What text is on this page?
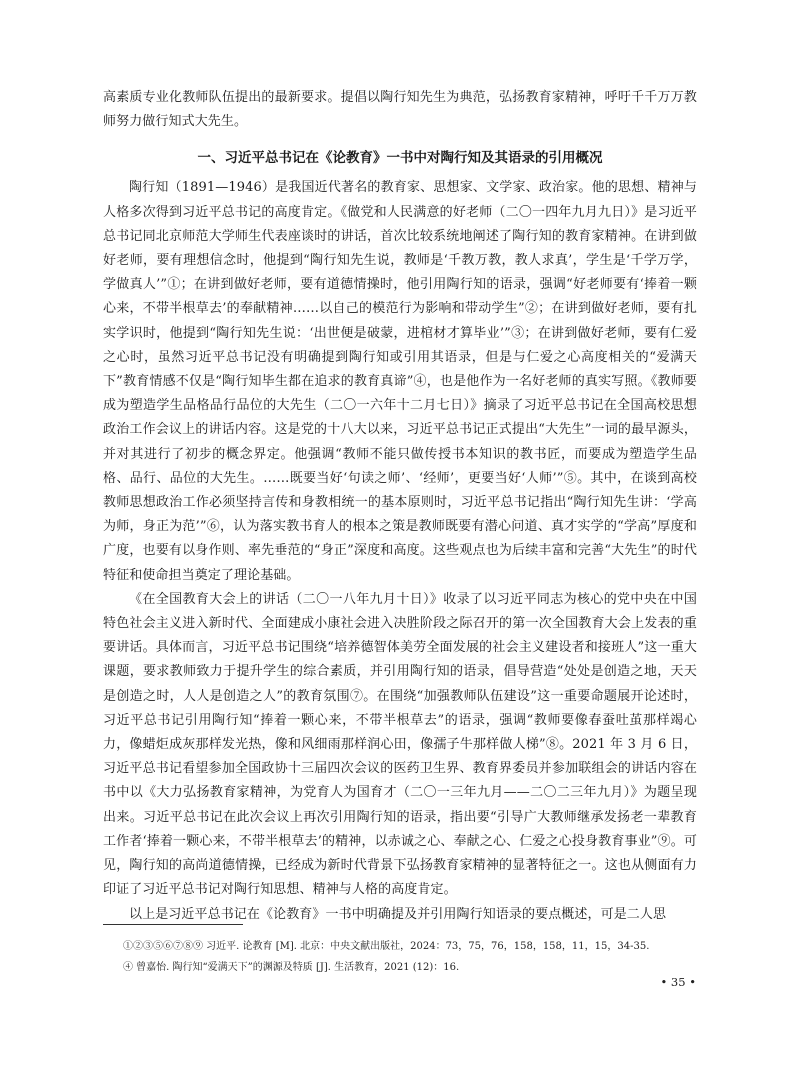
高素质专业化教师队伍提出的最新要求。提倡以陶行知先生为典范，弘扬教育家精神，呼吁千千万万教师努力做行知式大先生。

一、习近平总书记在《论教育》一书中对陶行知及其语录的引用概况

陶行知（1891—1946）是我国近代著名的教育家、思想家、文学家、政治家。他的思想、精神与人格多次得到习近平总书记的高度肯定。《做党和人民满意的好老师（二〇一四年九月九日）》是习近平总书记同北京师范大学师生代表座谈时的讲话，首次比较系统地阐述了陶行知的教育家精神。在讲到做好老师，要有理想信念时，他提到“陶行知先生说，教师是‘千教万教，教人求真’，学生是‘千学万学，学做真人’”①；在讲到做好老师，要有道德情操时，他引用陶行知的语录，强调“好老师要有‘捧着一颗心来，不带半根草去’的奉献精神……以自己的模范行为影响和带动学生”②；在讲到做好老师，要有扎实学识时，他提到“陶行知先生说：‘出世便是破蒙，进棺材才算毕业’”③；在讲到做好老师，要有仁爱之心时，虽然习近平总书记没有明确提到陶行知或引用其语录，但是与仁爱之心高度相关的“爱满天下”教育情感不仅是“陶行知毕生都在追求的教育真谛”④，也是他作为一名好老师的真实写照。《教师要成为塑造学生品格品行品位的大先生（二〇一六年十二月七日）》摘录了习近平总书记在全国高校思想政治工作会议上的讲话内容。这是党的十八大以来，习近平总书记正式提出“大先生”一词的最早源头，并对其进行了初步的概念界定。他强调“教师不能只做传授书本知识的教书匠，而要成为塑造学生品格、品行、品位的大先生。……既要当好‘句读之师’、‘经师’，更要当好‘人师’”⑤。其中，在谈到高校教师思想政治工作必须坚持言传和身教相统一的基本原则时，习近平总书记指出“陶行知先生讲：‘学高为师，身正为范’”⑥，认为落实教书育人的根本之策是教师既要有潜心问道、真才实学的“学高”厚度和广度，也要有以身作则、率先垂范的“身正”深度和高度。这些观点也为后续丰富和完善“大先生”的时代特征和使命担当奠定了理论基础。

《在全国教育大会上的讲话（二〇一八年九月十日）》收录了以习近平同志为核心的党中央在中国特色社会主义进入新时代、全面建成小康社会进入决胜阶段之际召开的第一次全国教育大会上发表的重要讲话。具体而言，习近平总书记围绕“培养德智体美劳全面发展的社会主义建设者和接班人”这一重大课题，要求教师致力于提升学生的综合素质，并引用陶行知的语录，倡导营造“处处是创造之地，天天是创造之时，人人是创造之人”的教育氛围⑦。在围绕“加强教师队伍建设”这一重要命题展开论述时，习近平总书记引用陶行知“捧着一颗心来，不带半根草去”的语录，强调“教师要像春蚕吐茧那样竭心力，像蜡炬成灰那样发光热，像和风细雨那样润心田，像孺子牛那样做人梯”⑧。2021 年 3 月 6 日，习近平总书记看望参加全国政协十三届四次会议的医药卫生界、教育界委员并参加联组会的讲话内容在书中以《大力弘扬教育家精神，为党育人为国育才（二〇一三年九月——二〇二三年九月）》为题呈现出来。习近平总书记在此次会议上再次引用陶行知的语录，指出要“引导广大教师继承发扬老一辈教育工作者‘捧着一颗心来，不带半根草去’的精神，以赤诚之心、奉献之心、仁爱之心投身教育事业”⑨。可见，陶行知的高尚道德情操，已经成为新时代背景下弘扬教育家精神的显著特征之一。这也从侧面有力印证了习近平总书记对陶行知思想、精神与人格的高度肯定。

以上是习近平总书记在《论教育》一书中明确提及并引用陶行知语录的要点概述，可是二人思

①②③⑤⑥⑦⑧⑨ 习近平. 论教育 [M]. 北京：中央文献出版社，2024：73，75，76，158，158，11，15，34-35.

④ 曾嘉怡. 陶行知“爱满天下”的渊源及特质 [J]. 生活教育，2021 (12)：16.

• 35 •
